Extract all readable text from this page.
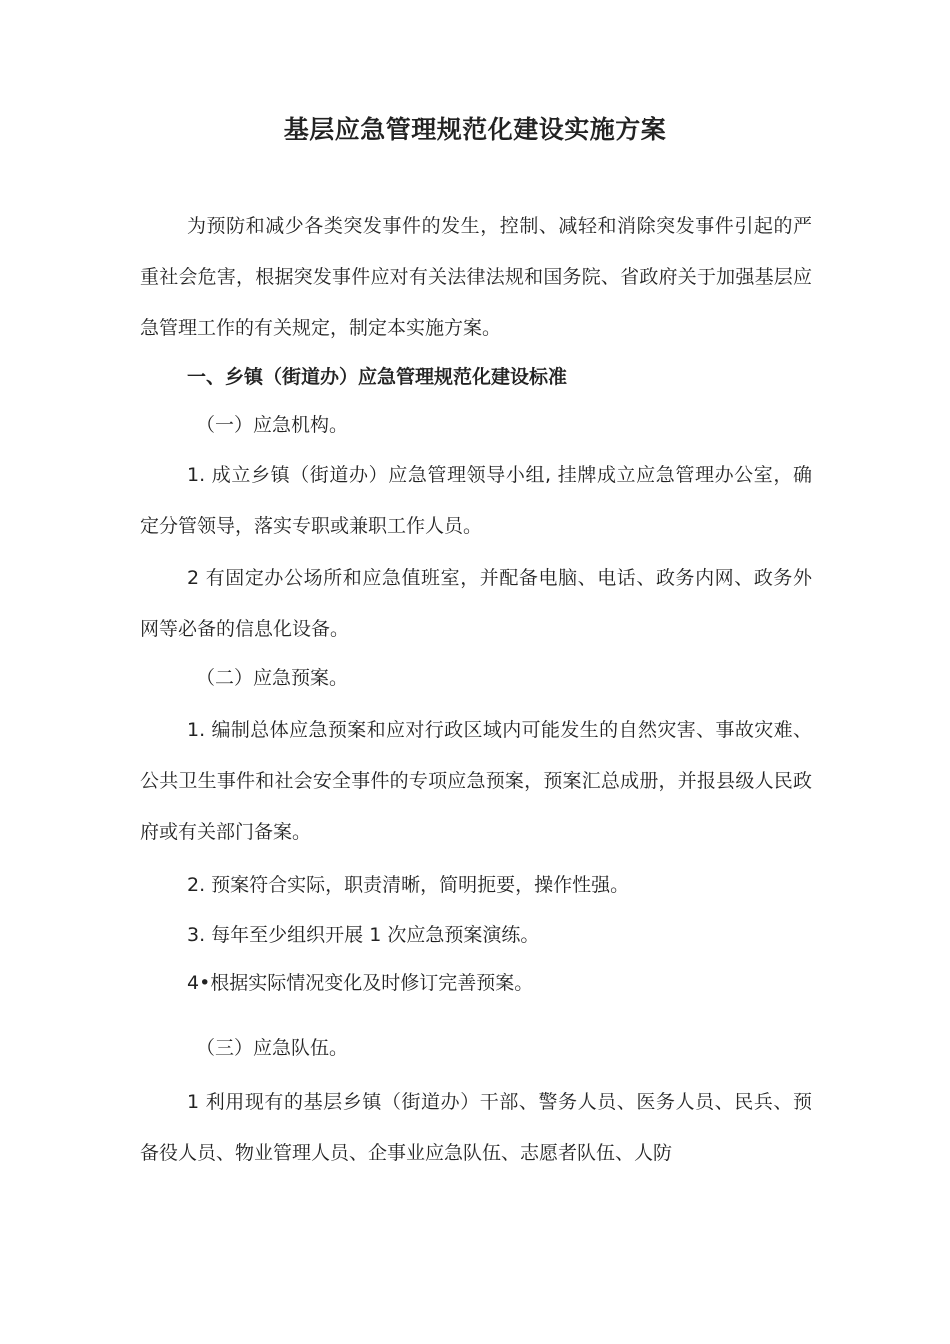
基层应急管理规范化建设实施方案

为预防和减少各类突发事件的发生，控制、减轻和消除突发事件引起的严重社会危害，根据突发事件应对有关法律法规和国务院、省政府关于加强基层应急管理工作的有关规定，制定本实施方案。

一、乡镇（街道办）应急管理规范化建设标准

（一）应急机构。

1. 成立乡镇（街道办）应急管理领导小组, 挂牌成立应急管理办公室，确定分管领导，落实专职或兼职工作人员。

2 有固定办公场所和应急值班室，并配备电脑、电话、政务内网、政务外网等必备的信息化设备。

（二）应急预案。

1. 编制总体应急预案和应对行政区域内可能发生的自然灾害、事故灾难、公共卫生事件和社会安全事件的专项应急预案，预案汇总成册，并报县级人民政府或有关部门备案。

2. 预案符合实际，职责清晰，简明扼要，操作性强。

3. 每年至少组织开展 1 次应急预案演练。

4•根据实际情况变化及时修订完善预案。

（三）应急队伍。

1 利用现有的基层乡镇（街道办）干部、警务人员、医务人员、民兵、预备役人员、物业管理人员、企事业应急队伍、志愿者队伍、人防
